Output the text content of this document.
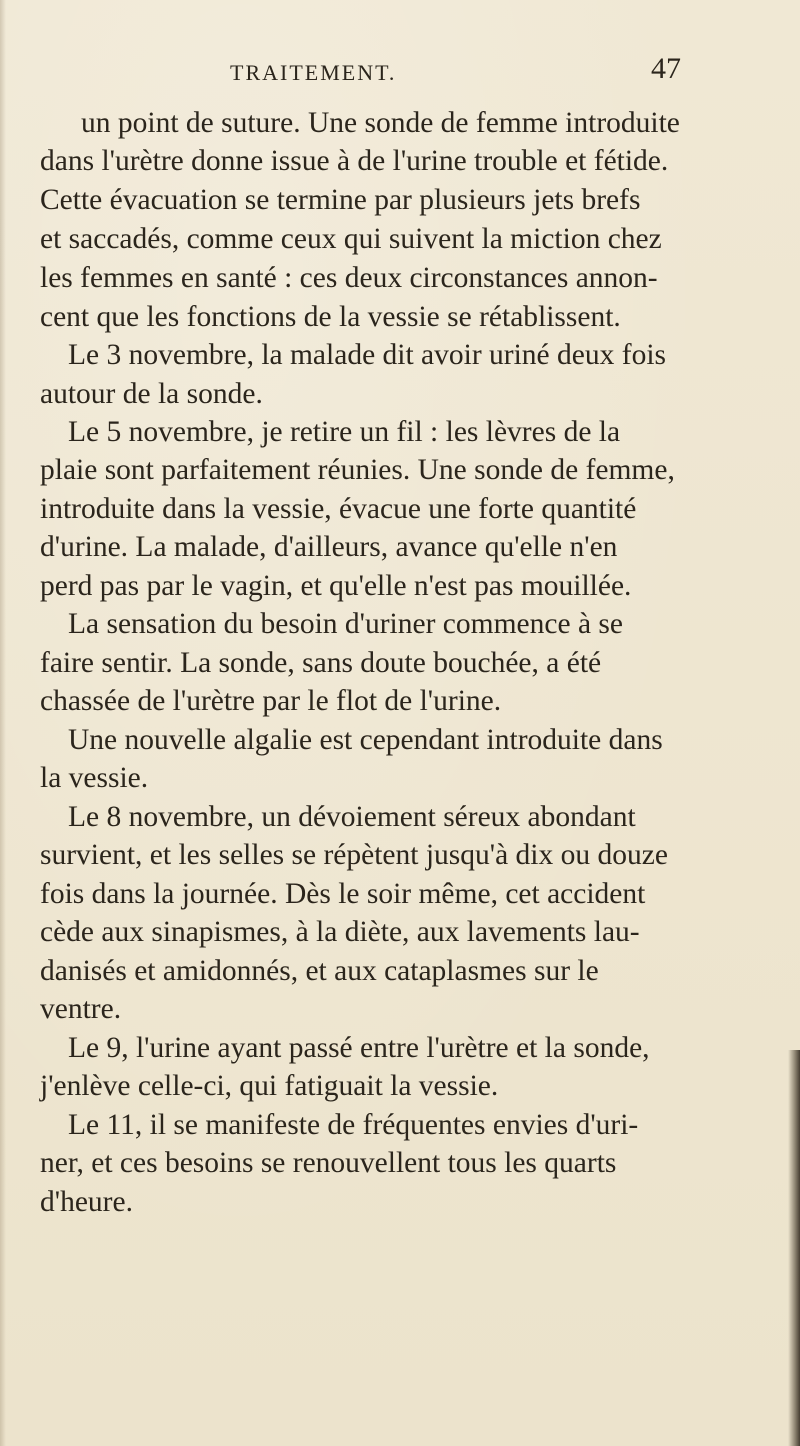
TRAITEMENT.	47
un point de suture. Une sonde de femme introduite
dans l'urètre donne issue à de l'urine trouble et fétide.
Cette évacuation se termine par plusieurs jets brefs
et saccadés, comme ceux qui suivent la miction chez
les femmes en santé : ces deux circonstances annon-
cent que les fonctions de la vessie se rétablissent.
Le 3 novembre, la malade dit avoir uriné deux fois
autour de la sonde.
Le 5 novembre, je retire un fil : les lèvres de la
plaie sont parfaitement réunies. Une sonde de femme,
introduite dans la vessie, évacue une forte quantité
d'urine. La malade, d'ailleurs, avance qu'elle n'en
perd pas par le vagin, et qu'elle n'est pas mouillée.
La sensation du besoin d'uriner commence à se
faire sentir. La sonde, sans doute bouchée, a été
chassée de l'urètre par le flot de l'urine.
Une nouvelle algalie est cependant introduite dans
la vessie.
Le 8 novembre, un dévoiement séreux abondant
survient, et les selles se répètent jusqu'à dix ou douze
fois dans la journée. Dès le soir même, cet accident
cède aux sinapismes, à la diète, aux lavements lau-
danisés et amidonnés, et aux cataplasmes sur le
ventre.
Le 9, l'urine ayant passé entre l'urètre et la sonde,
j'enlève celle-ci, qui fatiguait la vessie.
Le 11, il se manifeste de fréquentes envies d'uri-
ner, et ces besoins se renouvellent tous les quarts
d'heure.
